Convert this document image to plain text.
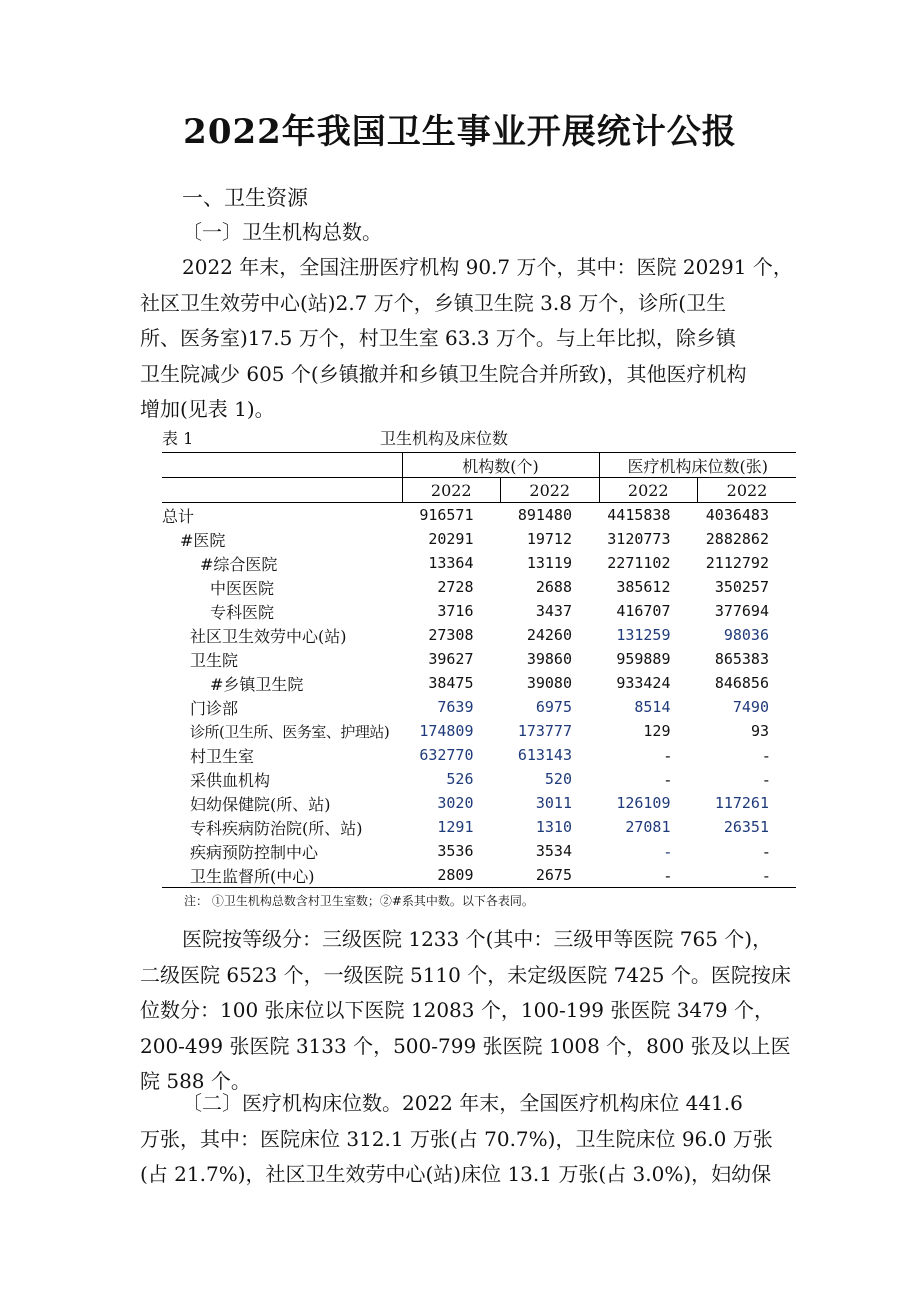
2022年我国卫生事业开展统计公报
一、卫生资源
〔一〕卫生机构总数。
2022 年末，全国注册医疗机构 90.7 万个，其中：医院 20291 个，
社区卫生效劳中心(站)2.7 万个，乡镇卫生院 3.8 万个，诊所(卫生
所、医务室)17.5 万个，村卫生室 63.3 万个。与上年比拟，除乡镇
卫生院减少 605 个(乡镇撤并和乡镇卫生院合并所致)，其他医疗机构
增加(见表 1)。
表 1	卫生机构及床位数
	机构数(个)		医疗机构床位数(张)	
	2022	2022	2022	2022
总计	916571	891480	4415838	4036483
#医院	20291	19712	3120773	2882862
#综合医院	13364	13119	2271102	2112792
中医医院	2728	2688	385612	350257
专科医院	3716	3437	416707	377694
社区卫生效劳中心(站)	27308	24260	131259	98036
卫生院	39627	39860	959889	865383
#乡镇卫生院	38475	39080	933424	846856
门诊部	7639	6975	8514	7490
诊所(卫生所、医务室、护理站)	174809	173777	129	93
村卫生室	632770	613143	-	-
采供血机构	526	520	-	-
妇幼保健院(所、站)	3020	3011	126109	117261
专科疾病防治院(所、站)	1291	1310	27081	26351
疾病预防控制中心	3536	3534	-	-
卫生监督所(中心)	2809	2675	-	-
注： ①卫生机构总数含村卫生室数；②#系其中数。以下各表同。
医院按等级分：三级医院 1233 个(其中：三级甲等医院 765 个)，
二级医院 6523 个，一级医院 5110 个，未定级医院 7425 个。医院按床
位数分：100 张床位以下医院 12083 个，100-199 张医院 3479 个，
200-499 张医院 3133 个，500-799 张医院 1008 个，800 张及以上医
院 588 个。
〔二〕医疗机构床位数。2022 年末，全国医疗机构床位 441.6
万张，其中：医院床位 312.1 万张(占 70.7%)，卫生院床位 96.0 万张
(占 21.7%)，社区卫生效劳中心(站)床位 13.1 万张(占 3.0%)，妇幼保
